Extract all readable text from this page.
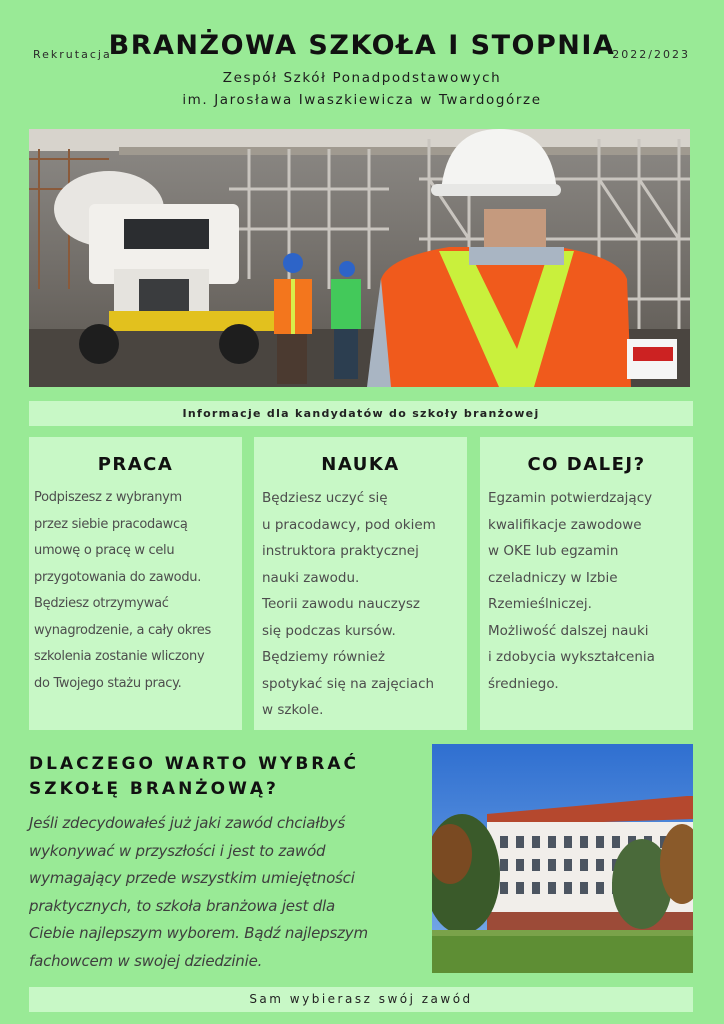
Rekrutacja
BRANŻOWA SZKOŁA I STOPNIA
2022/2023
Zespół Szkół Ponadpodstawowych
im. Jarosława Iwaszkiewicza w Twardogórze
Informacje dla kandydatów do szkoły branżowej
PRACA

Podpiszesz z wybranym
przez siebie pracodawcą
umowę o pracę w celu
przygotowania do zawodu.
Będziesz otrzymywać
wynagrodzenie, a cały okres
szkolenia zostanie wliczony
do Twojego stażu pracy.

NAUKA

Będziesz uczyć się
u pracodawcy, pod okiem
instruktora praktycznej
nauki zawodu.
Teorii zawodu nauczysz
się podczas kursów.
Będziemy również
spotykać się na zajęciach
w szkole.

CO DALEJ?

Egzamin potwierdzający
kwalifikacje zawodowe
w OKE lub egzamin
czeladniczy w Izbie
Rzemieślniczej.
Możliwość dalszej nauki
i zdobycia wykształcenia
średniego.

DLACZEGO WARTO WYBRAĆ
SZKOŁĘ BRANŻOWĄ?
Jeśli zdecydowałeś już jaki zawód chciałbyś
wykonywać w przyszłości i jest to zawód
wymagający przede wszystkim umiejętności
praktycznych, to szkoła branżowa jest dla
Ciebie najlepszym wyborem. Bądź najlepszym
fachowcem w swojej dziedzinie.
Sam wybierasz swój zawód
